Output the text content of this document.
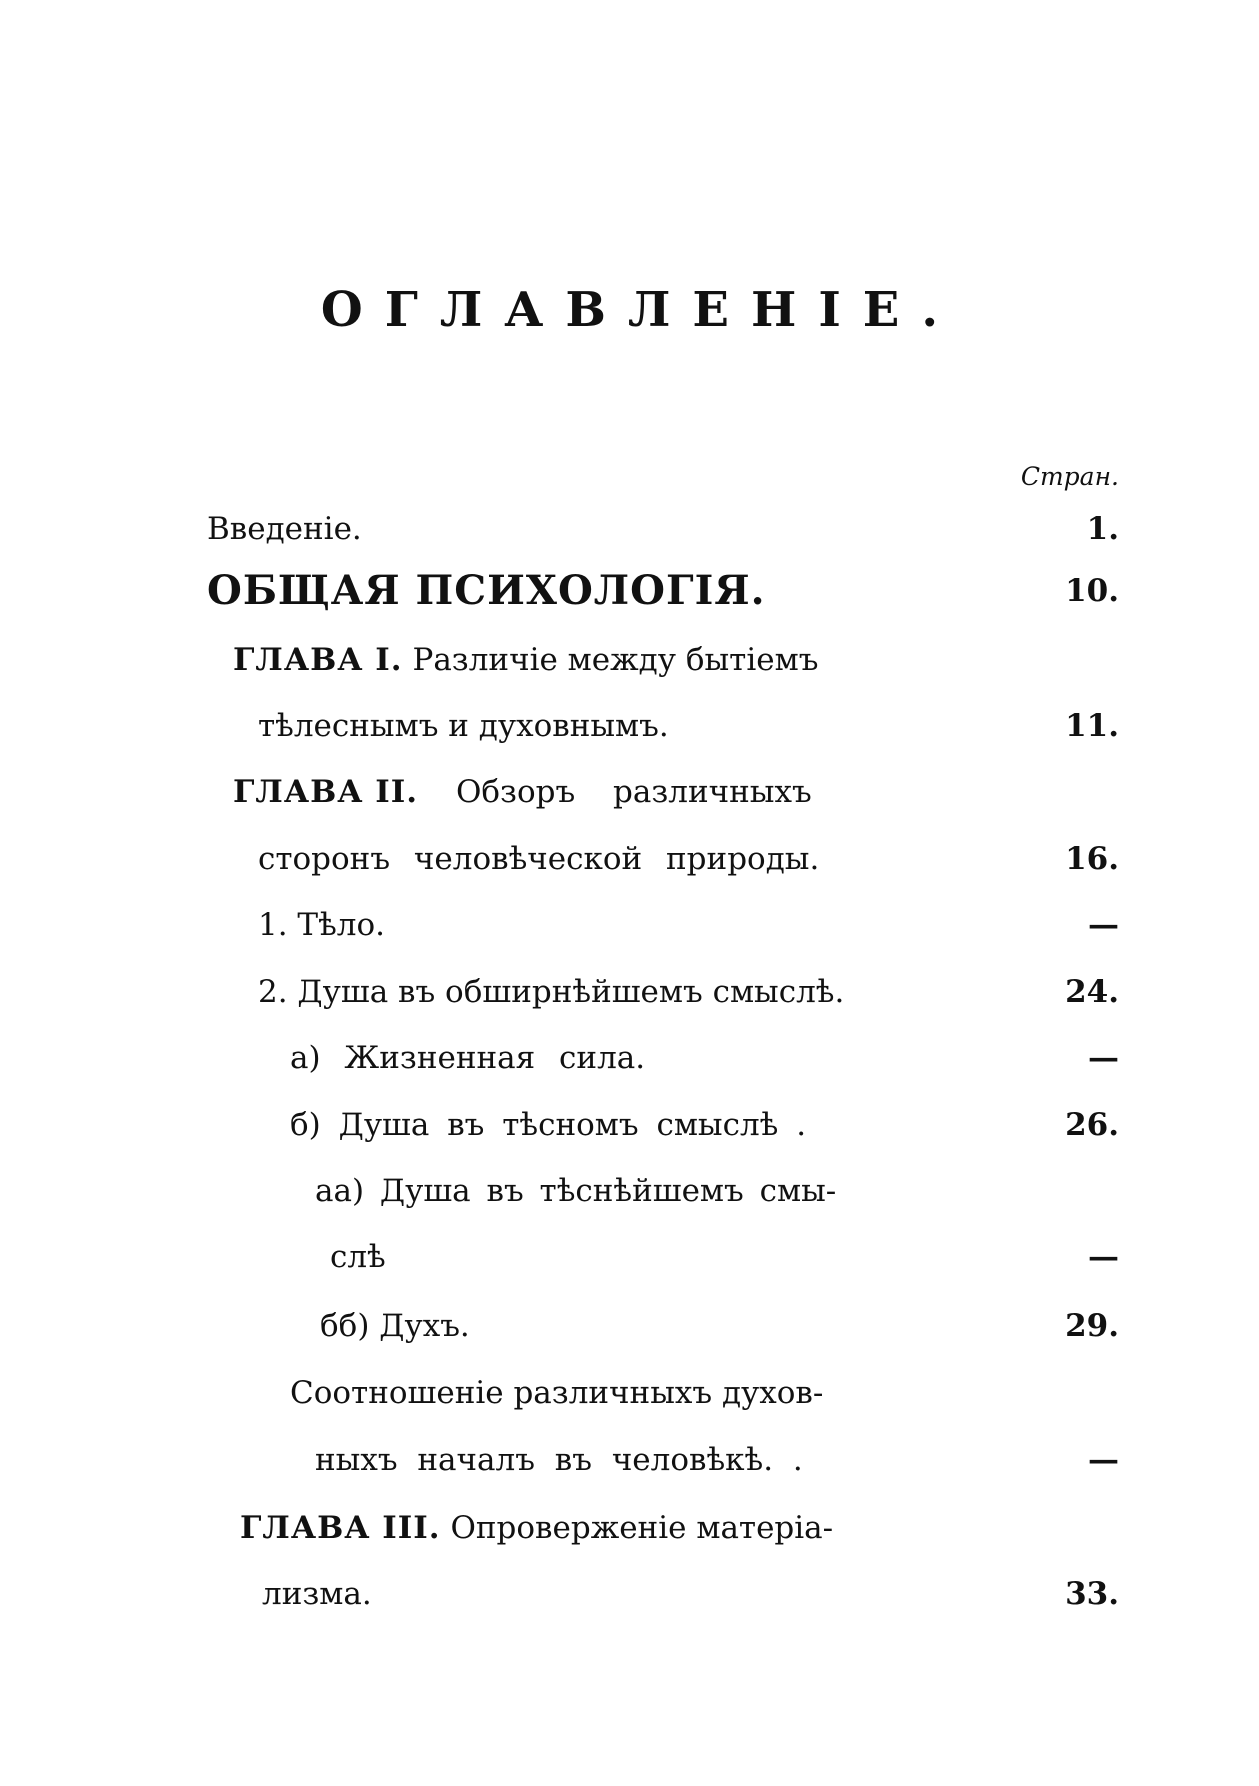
ОГЛАВЛЕНІЕ.
Стран.
Введеніе.	1.
ОБЩАЯ ПСИХОЛОГІЯ.	10.
ГЛАВА I. Различіе между бытіемъ
тѣлеснымъ и духовнымъ.	11.
ГЛАВА II. Обзоръ различныхъ
сторонъ человѣческой природы.	16.
1. Тѣло.	—
2. Душа въ обширнѣйшемъ смыслѣ.	24.
а) Жизненная сила.	—
б) Душа въ тѣсномъ смыслѣ .	26.
аа) Душа въ тѣснѣйшемъ смы-
слѣ	—
бб) Духъ.	29.
Соотношеніе различныхъ духов-
ныхъ началъ въ человѣкѣ. .	—
ГЛАВА III. Опроверженіе матеріа-
лизма.	33.
